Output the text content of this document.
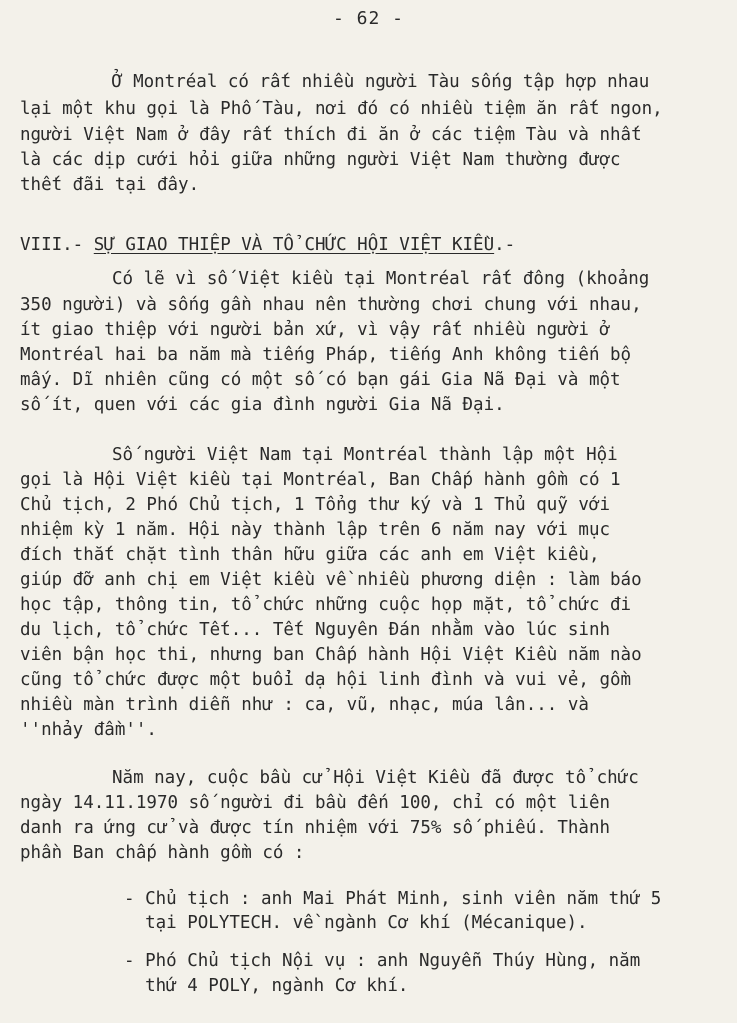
- 62 -
Ở Montréal có rất nhiều người Tàu sống tập hợp nhau
lại một khu gọi là Phố Tàu, nơi đó có nhiều tiệm ăn rất ngon,
người Việt Nam ở đây rất thích đi ăn ở các tiệm Tàu và nhất
là các dịp cưới hỏi giữa những người Việt Nam thường được
thết đãi tại đây.
VIII.- SỰ GIAO THIỆP VÀ TỔ CHỨC HỘI VIỆT KIỀU.-
Có lẽ vì số Việt kiều tại Montréal rất đông (khoảng
350 người) và sống gần nhau nên thường chơi chung với nhau,
ít giao thiệp với người bản xứ, vì vậy rất nhiều người ở
Montréal hai ba năm mà tiếng Pháp, tiếng Anh không tiến bộ
mấy. Dĩ nhiên cũng có một số có bạn gái Gia Nã Đại và một
số ít, quen với các gia đình người Gia Nã Đại.
Số người Việt Nam tại Montréal thành lập một Hội
gọi là Hội Việt kiều tại Montréal, Ban Chấp hành gồm có 1
Chủ tịch, 2 Phó Chủ tịch, 1 Tổng thư ký và 1 Thủ quỹ với
nhiệm kỳ 1 năm. Hội này thành lập trên 6 năm nay với mục
đích thắt chặt tình thân hữu giữa các anh em Việt kiều,
giúp đỡ anh chị em Việt kiều về nhiều phương diện : làm báo
học tập, thông tin, tổ chức những cuộc họp mặt, tổ chức đi
du lịch, tổ chức Tết... Tết Nguyên Đán nhằm vào lúc sinh
viên bận học thi, nhưng ban Chấp hành Hội Việt Kiều năm nào
cũng tổ chức được một buổi dạ hội linh đình và vui vẻ, gồm
nhiều màn trình diễn như : ca, vũ, nhạc, múa lân... và
''nhảy đầm''.
Năm nay, cuộc bầu cử Hội Việt Kiều đã được tổ chức
ngày 14.11.1970 số người đi bầu đến 100, chỉ có một liên
danh ra ứng cử và được tín nhiệm với 75% số phiếu. Thành
phần Ban chấp hành gồm có :
- Chủ tịch : anh Mai Phát Minh, sinh viên năm thứ 5
tại POLYTECH. về ngành Cơ khí (Mécanique).
- Phó Chủ tịch Nội vụ : anh Nguyễn Thúy Hùng, năm
thứ 4 POLY, ngành Cơ khí.
